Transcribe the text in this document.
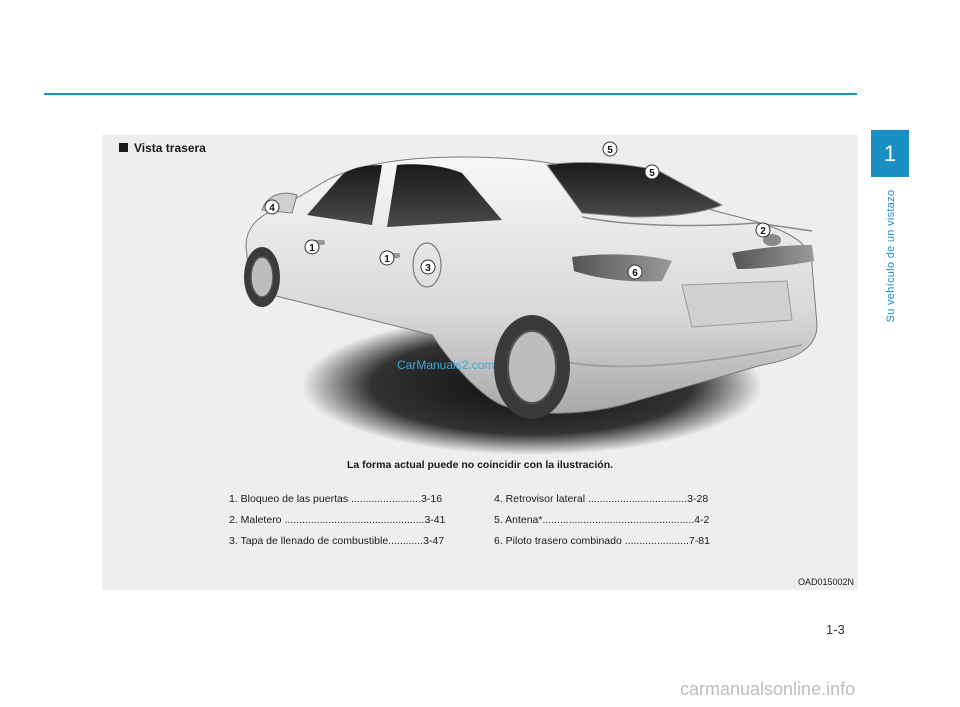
1
Su vehículo de un vistazo
Vista trasera
1
1
2
3
4
5
5
6
CarManuals2.com
La forma actual puede no coincidir con la ilustración.
1. Bloqueo de las puertas ........................3-16
2. Maletero ................................................3-41
3. Tapa de llenado de combustible............3-47
4. Retrovisor lateral ..................................3-28
5. Antena*....................................................4-2
6. Piloto trasero combinado ......................7-81
OAD015002N
1-3
carmanualsonline.info
